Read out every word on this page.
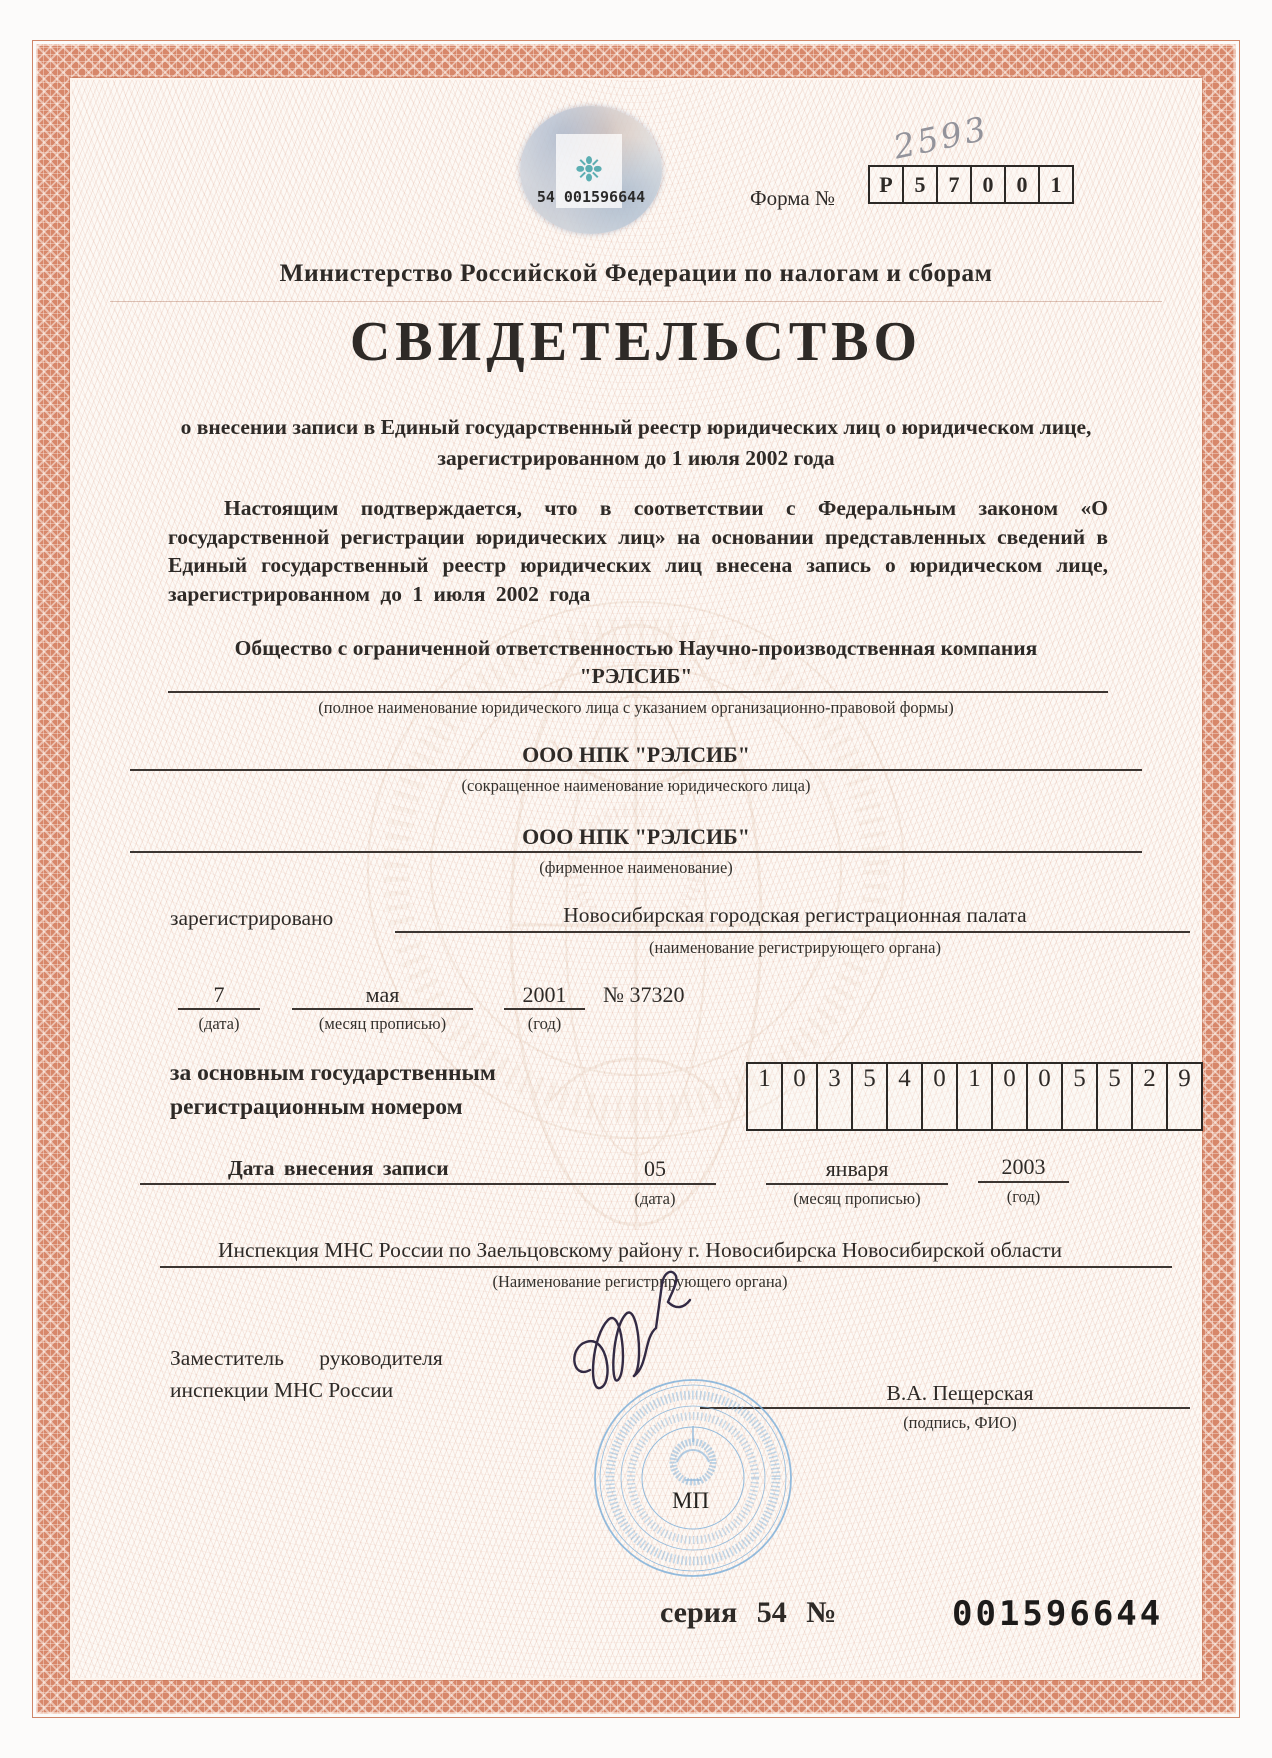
❉
54 001596644	Форма №
2593
Р 5	7	0	0	1
Министерство Российской Федерации по налогам и сборам
СВИДЕТЕЛЬСТВО
о внесении записи в Единый государственный реестр юридических лиц о юридическом лице, зарегистрированном до 1 июля 2002 года
Настоящим подтверждается, что в соответствии с Федеральным законом «О государственной регистрации юридических лиц» на основании представленных сведений в Единый государственный реестр юридических лиц внесена запись о юридическом лице, зарегистрированном до 1 июля 2002 года
Общество с ограниченной ответственностью Научно-производственная компания
"РЭЛСИБ"
(полное наименование юридического лица с указанием организационно-правовой формы)
ООО НПК "РЭЛСИБ"
(сокращенное наименование юридического лица)
ООО НПК "РЭЛСИБ"
(фирменное наименование)
зарегистрировано	Новосибирская городская регистрационная палата
(наименование регистрирующего органа)
7
(дата)
мая
(месяц прописью)
2001
(год)
№ 37320
за основным государственным
регистрационным номером
1 0 3 5 4 0 1 0 0 5 5 2 9
Дата внесения записи	05
(дата)
января
(месяц прописью)
2003
(год)
Инспекция МНС России по Заельцовскому району г. Новосибирска Новосибирской области
(Наименование регистрирующего органа)
Заместитель руководителя
инспекции МНС России	В.А. Пещерская
(подпись, ФИО)
МП
серия 54 №	001596644
